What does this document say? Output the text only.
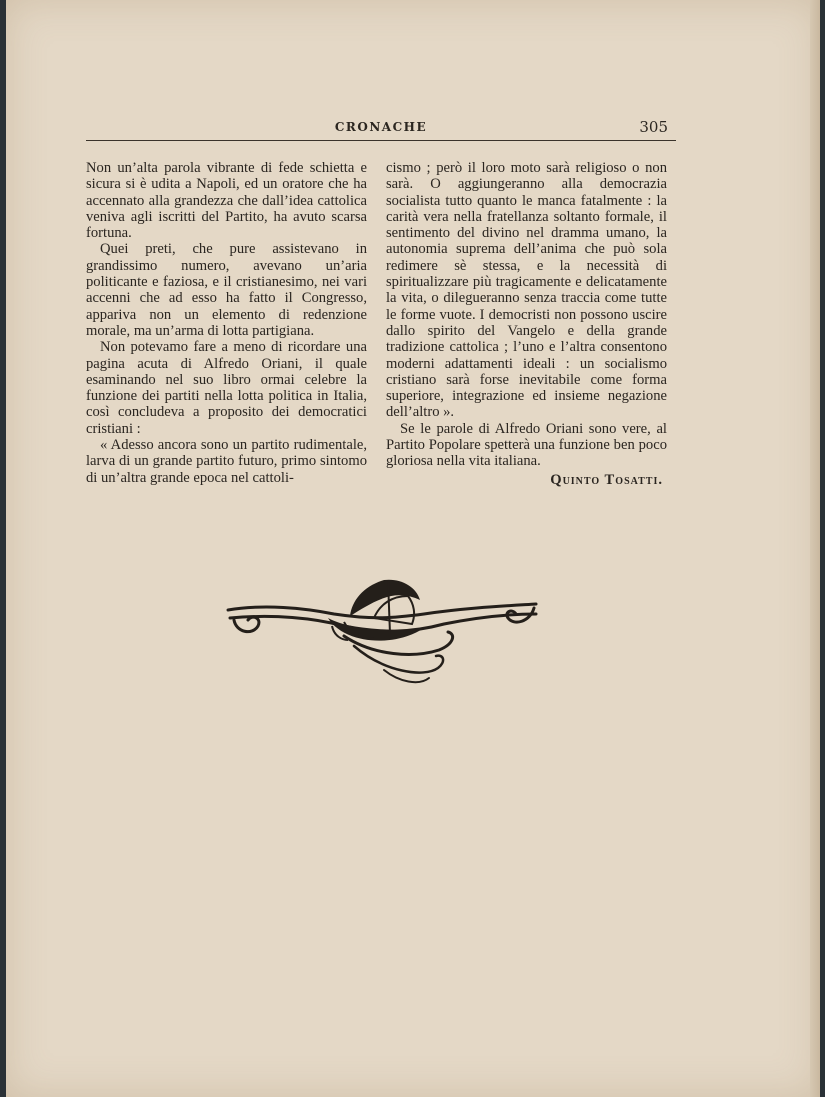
CRONACHE	305

Non un’alta parola vibrante di fede schietta e sicura si è udita a Napoli, ed un oratore che ha accennato alla grandezza che dall’idea cattolica veniva agli iscritti del Partito, ha avuto scarsa fortuna.

Quei preti, che pure assistevano in grandissimo numero, avevano un’aria politicante e faziosa, e il cristianesimo, nei vari accenni che ad esso ha fatto il Congresso, appariva non un elemento di redenzione morale, ma un’arma di lotta partigiana.

Non potevamo fare a meno di ricordare una pagina acuta di Alfredo Oriani, il quale esaminando nel suo libro ormai celebre la funzione dei partiti nella lotta politica in Italia, così concludeva a proposito dei democratici cristiani :

« Adesso ancora sono un partito rudimentale, larva di un grande partito futuro, primo sintomo di un’altra grande epoca nel cattoli-

cismo ; però il loro moto sarà religioso o non sarà. O aggiungeranno alla democrazia socialista tutto quanto le manca fatalmente : la carità vera nella fratellanza soltanto formale, il sentimento del divino nel dramma umano, la autonomia suprema dell’anima che può sola redimere sè stessa, e la necessità di spiritualizzare più tragicamente e delicatamente la vita, o dilegueranno senza traccia come tutte le forme vuote. I democristi non possono uscire dallo spirito del Vangelo e della grande tradizione cattolica ; l’uno e l’altra consentono moderni adattamenti ideali : un socialismo cristiano sarà forse inevitabile come forma superiore, integrazione ed insieme negazione dell’altro ».

Se le parole di Alfredo Oriani sono vere, al Partito Popolare spetterà una funzione ben poco gloriosa nella vita italiana.

Quinto Tosatti.
